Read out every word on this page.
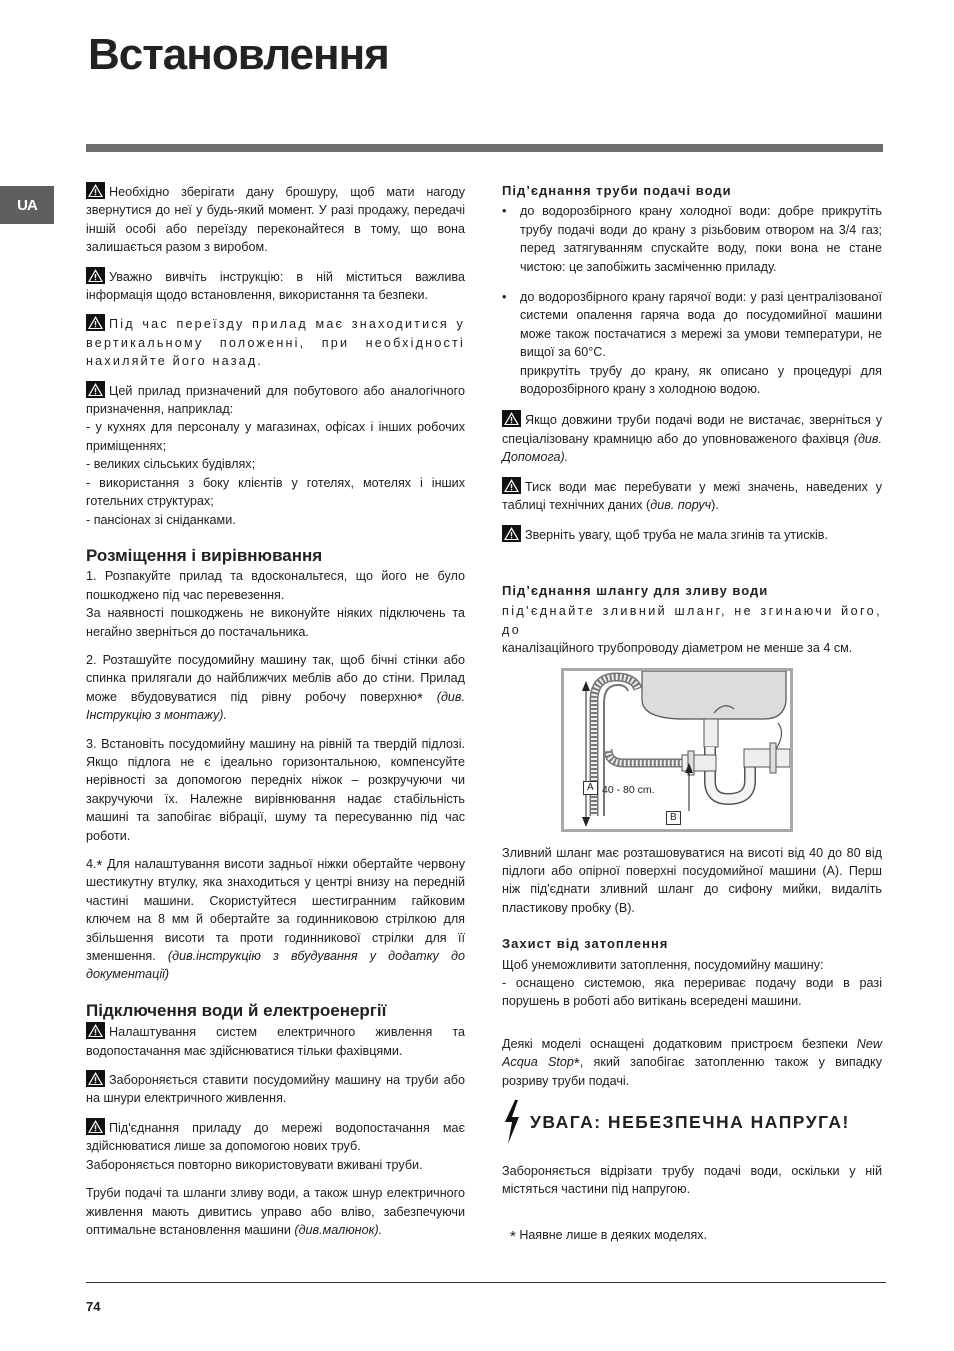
Встановлення
UA

Необхідно зберігати дану брошуру, щоб мати нагоду звернутися до неї у будь-який момент. У разі продажу, передачі іншій особі або переїзду переконайтеся в тому, що вона залишається разом з виробом.

Уважно вивчіть інструкцію: в ній міститься важлива інформація щодо встановлення, використання та безпеки.

Під час переїзду прилад має знаходитися у вертикальному положенні, при необхідності нахиляйте його назад.

Цей прилад призначений для побутового або аналогічного призначення, наприклад:

- у кухнях для персоналу у магазинах, офісах і інших робочих приміщеннях;

- великих сільських будівлях;

- використання з боку клієнтів у готелях, мотелях і інших готельних структурах;

- пансіонах зі сніданками.

Розміщення і вирівнювання

1. Розпакуйте прилад та вдоскональтеся, що його не було пошкоджено під час перевезення.

За наявності пошкоджень не виконуйте ніяких підключень та негайно зверніться до постачальника.

2. Розташуйте посудомийну машину так, щоб бічні стінки або спинка прилягали до найближчих меблів або до стіни. Прилад може вбудовуватися під рівну робочу поверхню* (див. Інструкцію з монтажу).

3. Встановіть посудомийну машину на рівній та твердій підлозі. Якщо підлога не є ідеально горизонтальною, компенсуйте нерівності за допомогою передніх ніжок – розкручуючи чи закручуючи їх. Належне вирівнювання надає стабільність машині та запобігає вібрації, шуму та пересуванню під час роботи.

4.* Для налаштування висоти задньої ніжки обертайте червону шестикутну втулку, яка знаходиться у центрі внизу на передній частині машини. Скористуйтеся шестигранним гайковим ключем на 8 мм й обертайте за годинниковою стрілкою для збільшення висоти та проти годинникової стрілки для її зменшення. (див.інструкцію з вбудування у додатку до документації)

Підключення води й електроенергії

Налаштування систем електричного живлення та водопостачання має здійснюватися тільки фахівцями.

Забороняється ставити посудомийну машину на труби або на шнури електричного живлення.

Під'єднання приладу до мережі водопостачання має здійснюватися лише за допомогою нових труб.

Забороняється повторно використовувати вживані труби.

Труби подачі та шланги зливу води, а також шнур електричного живлення мають дивитись управо або вліво, забезпечуючи оптимальне встановлення машини (див.малюнок).

Під’єднання труби подачі води
• до водорозбірного крану холодної води: добре прикрутіть трубу подачі води до крану з різьбовим отвором на 3/4 газ; перед затягуванням спускайте воду, поки вона не стане чистою: це запобіжить засміченню приладу.
• до водорозбірного крану гарячої води: у разі централізованої системи опалення гаряча вода до посудомийної машини може також постачатися з мережі за умови температури, не вищої за 60°C.
прикрутіть трубу до крану, як описано у процедурі для водорозбірного крану з холодною водою.

Якщо довжини труби подачі води не вистачає, зверніться у спеціалізовану крамницю або до уповноваженого фахівця (див. Допомога).

Тиск води має перебувати у межі значень, наведених у таблиці технічних даних (див. поруч).

Зверніть увагу, щоб труба не мала згинів та утисків.

Під’єднання шлангу для зливу води

під'єднайте зливний шланг, не згинаючи його, до

каналізаційного трубопроводу діаметром не менше за 4 см.

A 40 - 80 cm.
B

Зливний шланг має розташовуватися на висоті від 40 до 80 від підлоги або опірної поверхні посудомийної машини (A). Перш ніж під'єднати зливний шланг до сифону мийки, видаліть пластикову пробку (B).

Захист від затоплення

Щоб унеможливити затоплення, посудомийну машину:

- оснащено системою, яка перериває подачу води в разі порушень в роботі або витікань всередені машини.

Деякі моделі оснащені додатковим пристроєм безпеки New Acqua Stop*, який запобігає затопленню також у випадку розриву труби подачі.

УВАГА: НЕБЕЗПЕЧНА НАПРУГА!

Забороняється відрізати трубу подачі води, оскільки у ній містяться частини під напругою.

* Наявне лише в деяких моделях.
74
